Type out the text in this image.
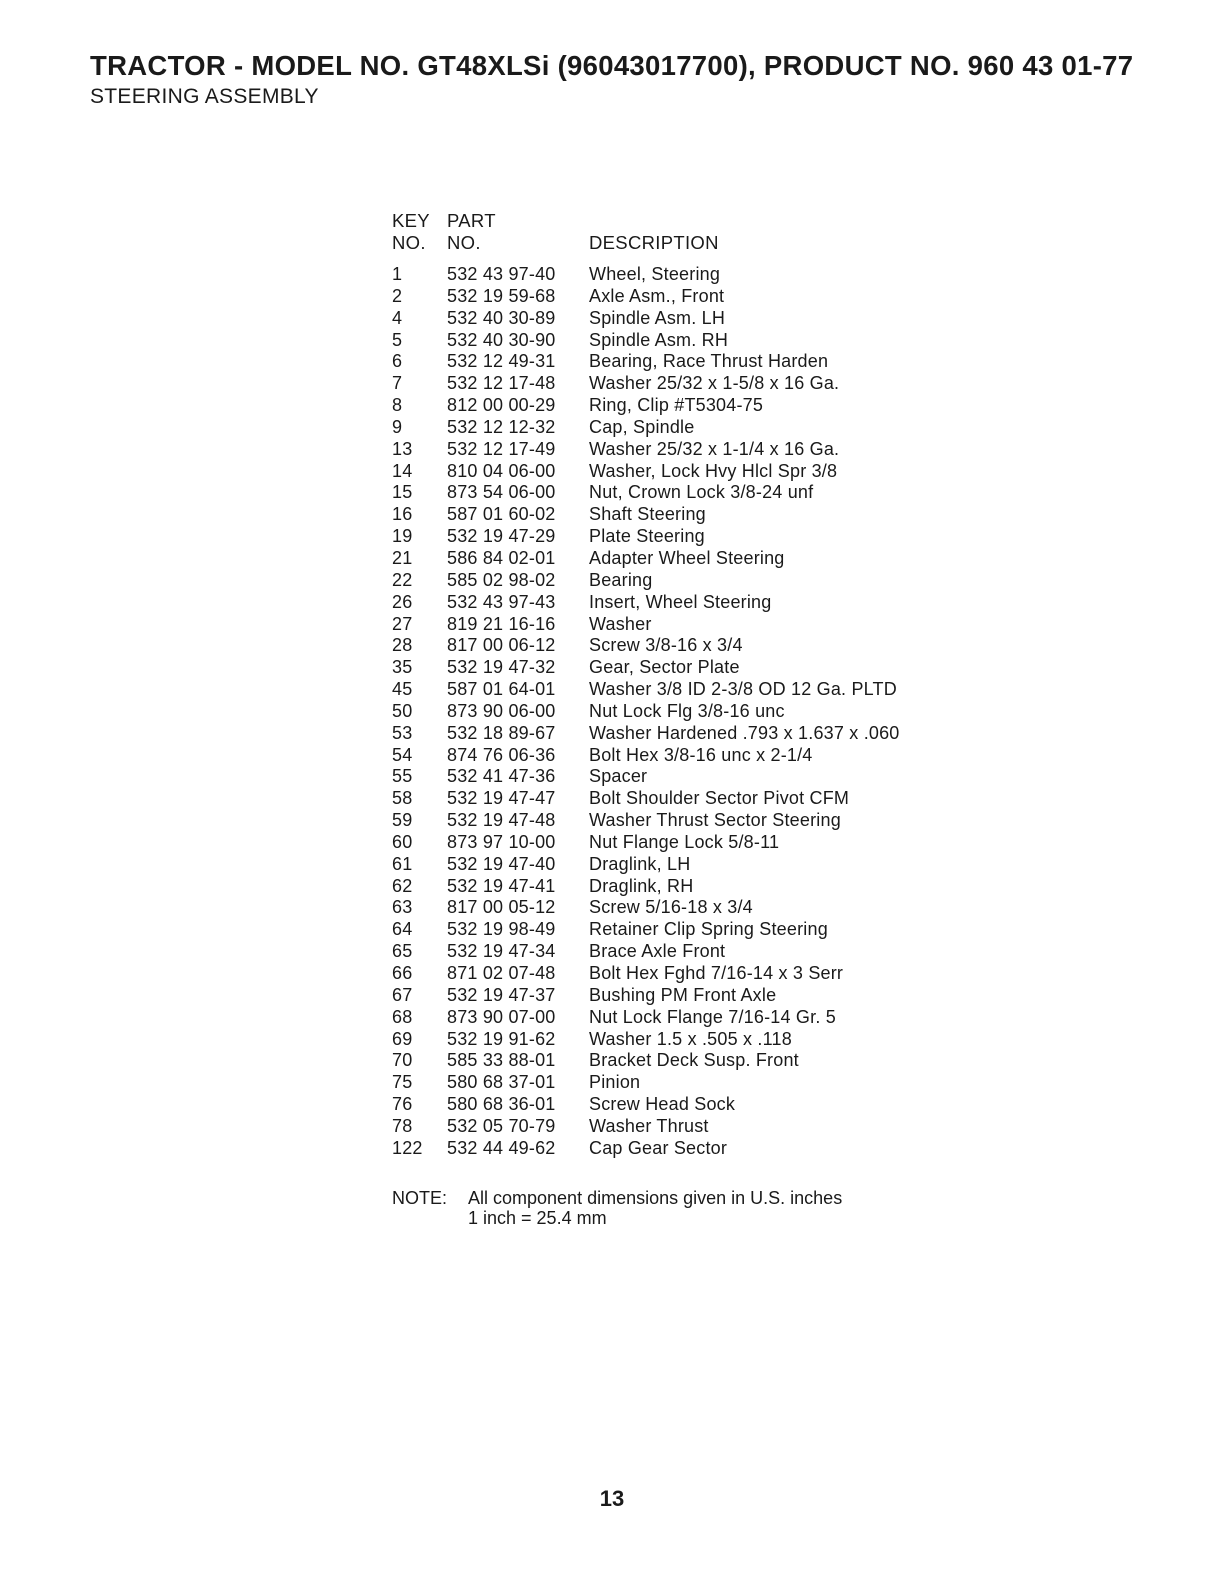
TRACTOR - MODEL NO. GT48XLSi (96043017700), PRODUCT NO. 960 43 01-77
STEERING ASSEMBLY
KEY	PART	
NO.	NO.	DESCRIPTION
1	532 43 97-40	Wheel, Steering
2	532 19 59-68	Axle Asm., Front
4	532 40 30-89	Spindle Asm. LH
5	532 40 30-90	Spindle Asm. RH
6	532 12 49-31	Bearing, Race Thrust Harden
7	532 12 17-48	Washer 25/32 x 1-5/8 x 16 Ga.
8	812 00 00-29	Ring, Clip #T5304-75
9	532 12 12-32	Cap, Spindle
13	532 12 17-49	Washer 25/32 x 1-1/4 x 16 Ga.
14	810 04 06-00	Washer, Lock Hvy Hlcl Spr 3/8
15	873 54 06-00	Nut, Crown Lock 3/8-24 unf
16	587 01 60-02	Shaft Steering
19	532 19 47-29	Plate Steering
21	586 84 02-01	Adapter Wheel Steering
22	585 02 98-02	Bearing
26	532 43 97-43	Insert, Wheel Steering
27	819 21 16-16	Washer
28	817 00 06-12	Screw 3/8-16 x 3/4
35	532 19 47-32	Gear, Sector Plate
45	587 01 64-01	Washer 3/8 ID 2-3/8 OD 12 Ga. PLTD
50	873 90 06-00	Nut Lock Flg 3/8-16 unc
53	532 18 89-67	Washer Hardened .793 x 1.637 x .060
54	874 76 06-36	Bolt Hex 3/8-16 unc x 2-1/4
55	532 41 47-36	Spacer
58	532 19 47-47	Bolt Shoulder Sector Pivot CFM
59	532 19 47-48	Washer Thrust Sector Steering
60	873 97 10-00	Nut Flange Lock 5/8-11
61	532 19 47-40	Draglink, LH
62	532 19 47-41	Draglink, RH
63	817 00 05-12	Screw 5/16-18 x 3/4
64	532 19 98-49	Retainer Clip Spring Steering
65	532 19 47-34	Brace Axle Front
66	871 02 07-48	Bolt Hex Fghd 7/16-14 x 3 Serr
67	532 19 47-37	Bushing PM Front Axle
68	873 90 07-00	Nut Lock Flange 7/16-14 Gr. 5
69	532 19 91-62	Washer 1.5 x .505 x .118
70	585 33 88-01	Bracket Deck Susp. Front
75	580 68 37-01	Pinion
76	580 68 36-01	Screw Head Sock
78	532 05 70-79	Washer Thrust
122	532 44 49-62	Cap Gear Sector
NOTE: All component dimensions given in U.S. inches
1 inch = 25.4 mm
13
